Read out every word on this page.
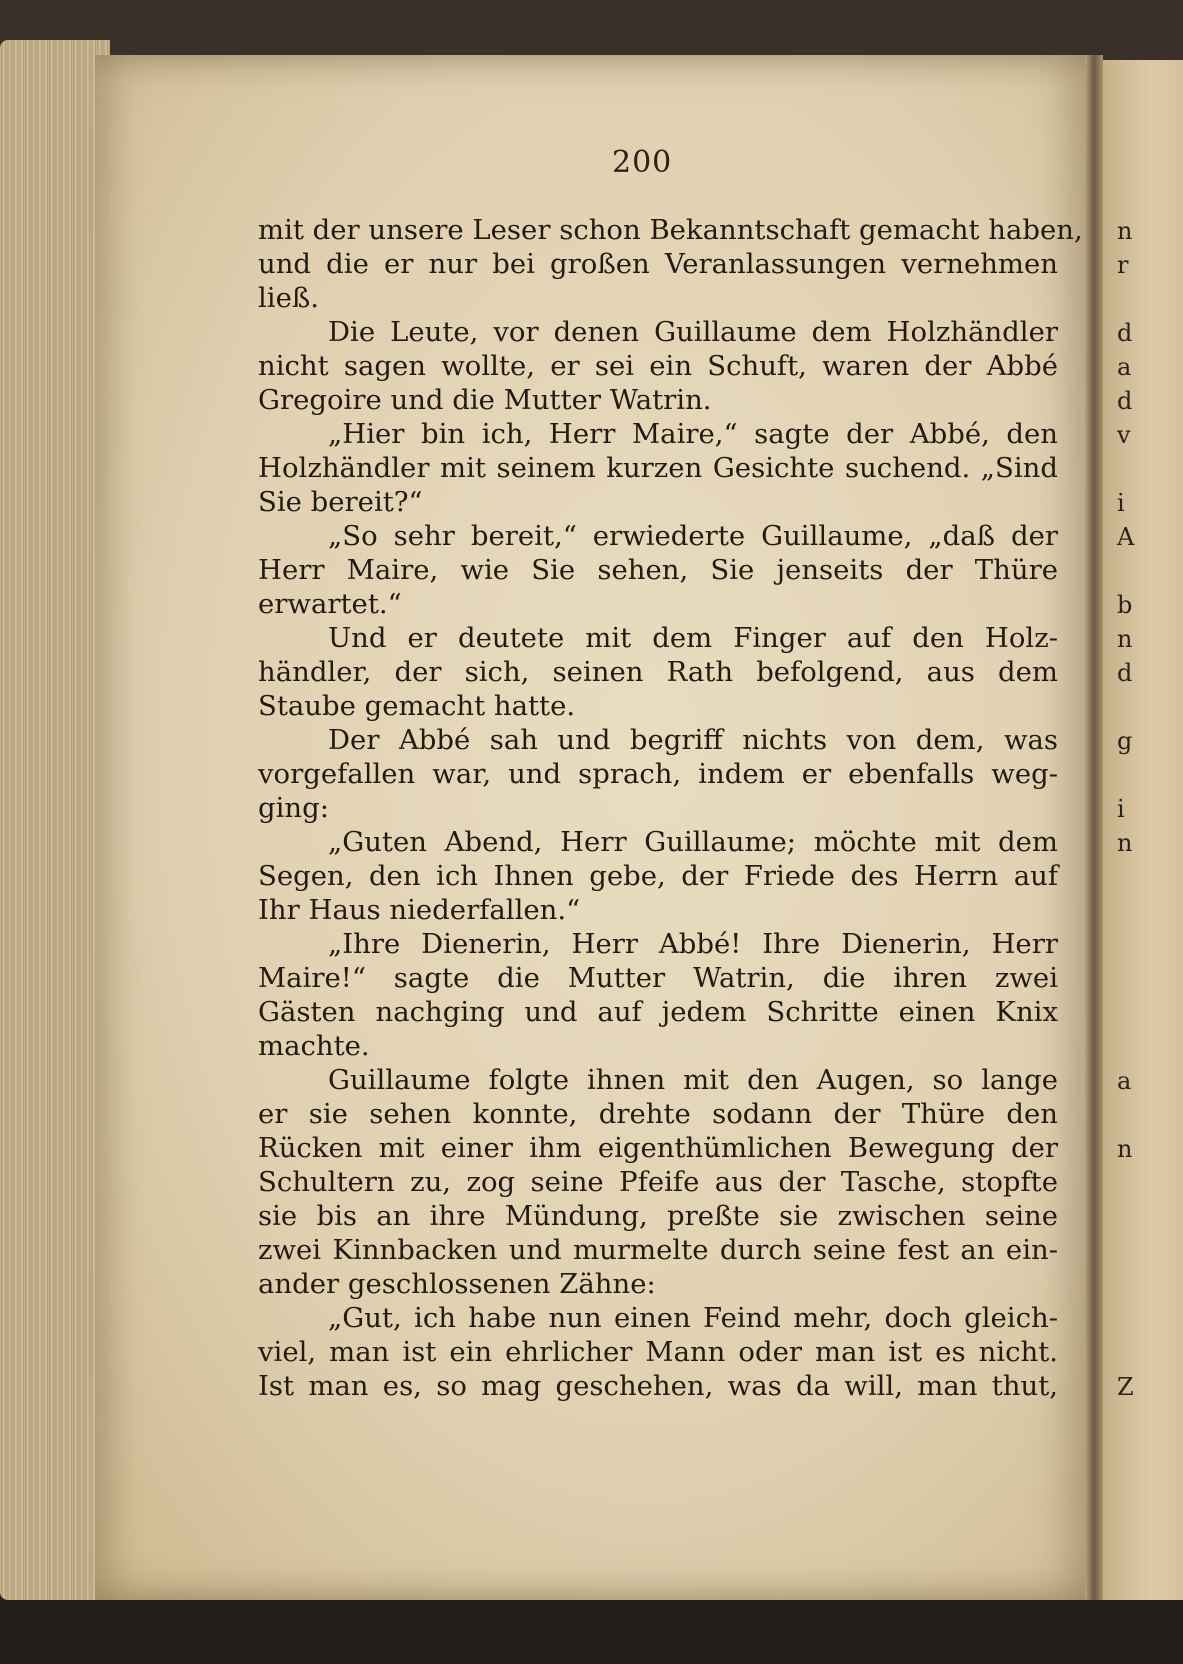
n
r
d
a
d
v
i
A
b
n
d
g
i
n
a
n
Z
200
mit der unsere Leser schon Bekanntschaft gemacht haben,
und die er nur bei großen Veranlassungen vernehmen
ließ.
Die Leute, vor denen Guillaume dem Holzhändler
nicht sagen wollte, er sei ein Schuft, waren der Abbé
Gregoire und die Mutter Watrin.
„Hier bin ich, Herr Maire,“ sagte der Abbé, den
Holzhändler mit seinem kurzen Gesichte suchend. „Sind
Sie bereit?“
„So sehr bereit,“ erwiederte Guillaume, „daß der
Herr Maire, wie Sie sehen, Sie jenseits der Thüre
erwartet.“
Und er deutete mit dem Finger auf den Holz-
händler, der sich, seinen Rath befolgend, aus dem
Staube gemacht hatte.
Der Abbé sah und begriff nichts von dem, was
vorgefallen war, und sprach, indem er ebenfalls weg-
ging:
„Guten Abend, Herr Guillaume; möchte mit dem
Segen, den ich Ihnen gebe, der Friede des Herrn auf
Ihr Haus niederfallen.“
„Ihre Dienerin, Herr Abbé! Ihre Dienerin, Herr
Maire!“ sagte die Mutter Watrin, die ihren zwei
Gästen nachging und auf jedem Schritte einen Knix
machte.
Guillaume folgte ihnen mit den Augen, so lange
er sie sehen konnte, drehte sodann der Thüre den
Rücken mit einer ihm eigenthümlichen Bewegung der
Schultern zu, zog seine Pfeife aus der Tasche, stopfte
sie bis an ihre Mündung, preßte sie zwischen seine
zwei Kinnbacken und murmelte durch seine fest an ein-
ander geschlossenen Zähne:
„Gut, ich habe nun einen Feind mehr, doch gleich-
viel, man ist ein ehrlicher Mann oder man ist es nicht.
Ist man es, so mag geschehen, was da will, man thut,
